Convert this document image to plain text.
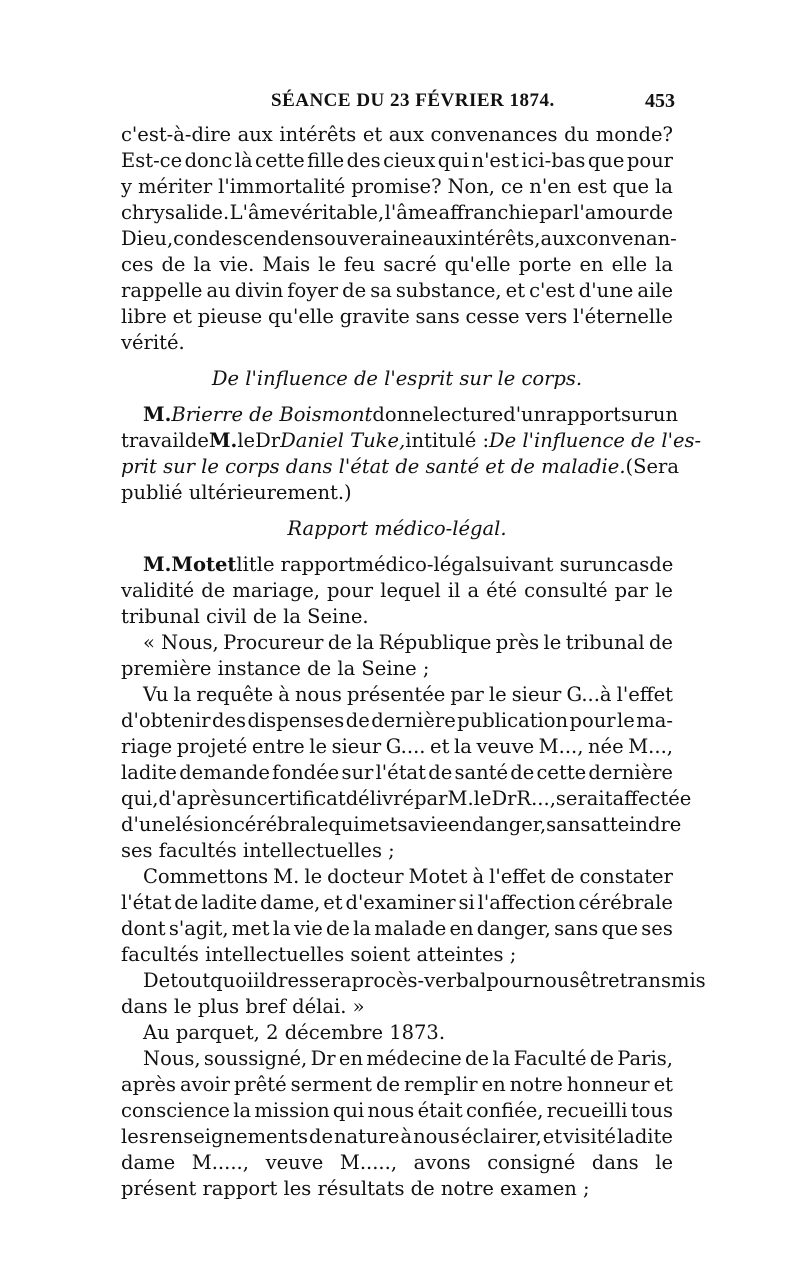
SÉANCE DU 23 FÉVRIER 1874.	453
c'est-à-dire aux intérêts et aux convenances du monde?
Est-ce donc là cette fille des cieux qui n'est ici-bas que pour
y mériter l'immortalité promise? Non, ce n'en est que la
chrysalide. L'âme véritable, l'âme affranchie par l'amour de
Dieu, condescend en souveraine aux intérêts, aux convenan-
ces de la vie. Mais le feu sacré qu'elle porte en elle la
rappelle au divin foyer de sa substance, et c'est d'une aile
libre et pieuse qu'elle gravite sans cesse vers l'éternelle
vérité.
De l'influence de l'esprit sur le corps.
M. Brierre de Boismont donne lecture d'un rapport sur un
travail de M. le Dr Daniel Tuke, intitulé : De l'influence de l'es-
prit sur le corps dans l'état de santé et de maladie. (Sera
publié ultérieurement.)
Rapport médico-légal.
M. Motet lit le rapport médico-légal suivant sur un cas de
validité de mariage, pour lequel il a été consulté par le
tribunal civil de la Seine.
« Nous, Procureur de la République près le tribunal de
première instance de la Seine ;
Vu la requête à nous présentée par le sieur G...à l'effet
d'obtenir des dispenses de dernière publication pour le ma-
riage projeté entre le sieur G.... et la veuve M..., née M...,
ladite demande fondée sur l'état de santé de cette dernière
qui, d'après un certificat délivré par M. le Dr R..., serait affectée
d'une lésion cérébrale qui met sa vie en danger, sans atteindre
ses facultés intellectuelles ;
Commettons M. le docteur Motet à l'effet de constater
l'état de ladite dame, et d'examiner si l'affection cérébrale
dont s'agit, met la vie de la malade en danger, sans que ses
facultés intellectuelles soient atteintes ;
De tout quoi il dressera procès-verbal pour nous être transmis
dans le plus bref délai. »
Au parquet, 2 décembre 1873.
Nous, soussigné, Dr en médecine de la Faculté de Paris,
après avoir prêté serment de remplir en notre honneur et
conscience la mission qui nous était confiée, recueilli tous
les renseignements de nature à nous éclairer, et visité ladite
dame M....., veuve M....., avons consigné dans le
présent rapport les résultats de notre examen ;
